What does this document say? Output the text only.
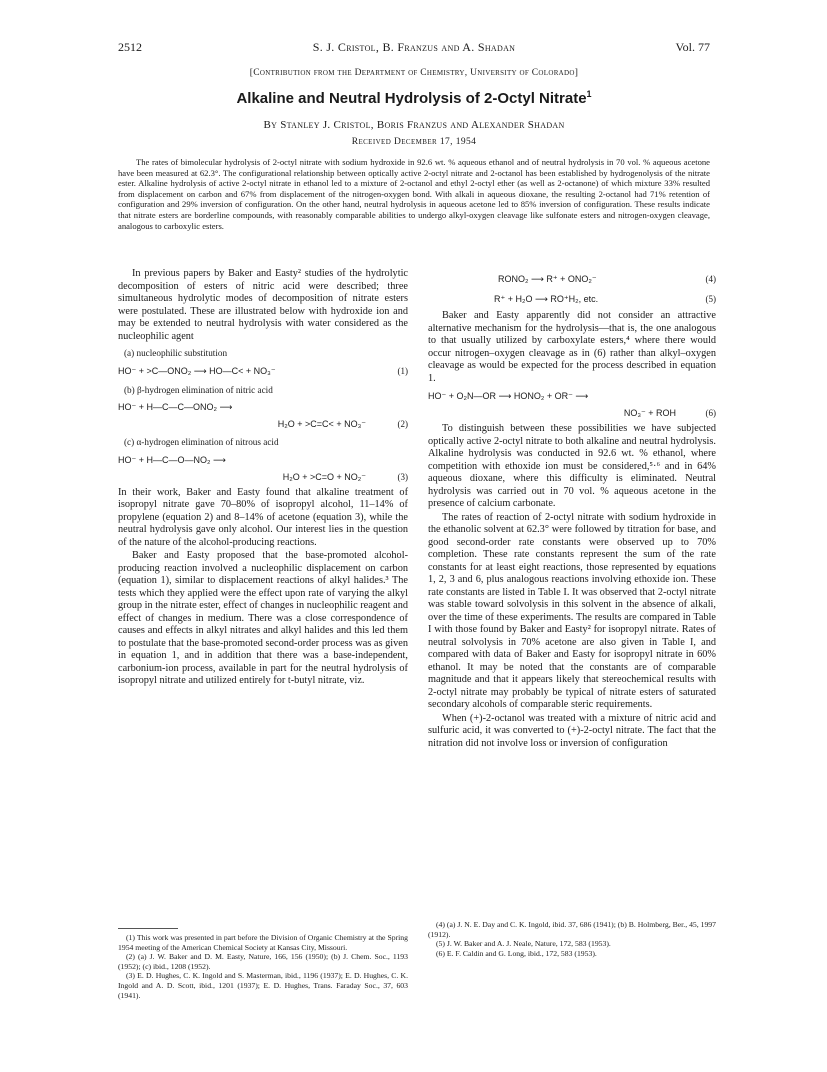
2512	S. J. Cristol, B. Franzus and A. Shadan	Vol. 77
[Contribution from the Department of Chemistry, University of Colorado]
Alkaline and Neutral Hydrolysis of 2-Octyl Nitrate$^1$
By Stanley J. Cristol, Boris Franzus and Alexander Shadan
Received December 17, 1954

The rates of bimolecular hydrolysis of 2-octyl nitrate with sodium hydroxide in 92.6 wt. % aqueous ethanol and of neutral hydrolysis in 70 vol. % aqueous acetone have been measured at 62.3°. The configurational relationship between optically active 2-octyl nitrate and 2-octanol has been established by hydrogenolysis of the nitrate ester. Alkaline hydrolysis of active 2-octyl nitrate in ethanol led to a mixture of 2-octanol and ethyl 2-octyl ether (as well as 2-octanone) of which mixture 33% resulted from displacement on carbon and 67% from displacement of the nitrogen-oxygen bond. With alkali in aqueous dioxane, the resulting 2-octanol had 71% retention of configuration and 29% inversion of configuration. On the other hand, neutral hydrolysis in aqueous acetone led to 85% inversion of configuration. These results indicate that nitrate esters are borderline compounds, with reasonably comparable abilities to undergo alkyl-oxygen cleavage like sulfonate esters and nitrogen-oxygen cleavage, analogous to carboxylic esters.

In previous papers by Baker and Easty² studies of the hydrolytic decomposition of esters of nitric acid were described; three simultaneous hydrolytic modes of decomposition of nitrate esters were postulated. These are illustrated below with hydroxide ion and may be extended to neutral hydrolysis with water considered as the nucleophilic agent

(a) nucleophilic substitution
HO⁻ + >C—ONO₂ ⟶ HO—C< + NO₃⁻	(1)
(b) β-hydrogen elimination of nitric acid
HO⁻ + H—C—C—ONO₂ ⟶
H₂O + >C=C< + NO₃⁻	(2)
(c) α-hydrogen elimination of nitrous acid
HO⁻ + H—C—O—NO₂ ⟶
H₂O + >C=O + NO₂⁻	(3)

In their work, Baker and Easty found that alkaline treatment of isopropyl nitrate gave 70–80% of isopropyl alcohol, 11–14% of propylene (equation 2) and 8–14% of acetone (equation 3), while the neutral hydrolysis gave only alcohol. Our interest lies in the question of the nature of the alcohol-producing reactions.

Baker and Easty proposed that the base-promoted alcohol-producing reaction involved a nucleophilic displacement on carbon (equation 1), similar to displacement reactions of alkyl halides.³ The tests which they applied were the effect upon rate of varying the alkyl group in the nitrate ester, effect of changes in nucleophilic reagent and effect of changes in medium. There was a close correspondence of causes and effects in alkyl nitrates and alkyl halides and this led them to postulate that the base-promoted second-order process was as given in equation 1, and in addition that there was a base-independent, carbonium-ion process, available in part for the neutral hydrolysis of isopropyl nitrate and utilized entirely for t-butyl nitrate, viz.

(1) This work was presented in part before the Division of Organic Chemistry at the Spring 1954 meeting of the American Chemical Society at Kansas City, Missouri.

(2) (a) J. W. Baker and D. M. Easty, Nature, 166, 156 (1950); (b) J. Chem. Soc., 1193 (1952); (c) ibid., 1208 (1952).

(3) E. D. Hughes, C. K. Ingold and S. Masterman, ibid., 1196 (1937); E. D. Hughes, C. K. Ingold and A. D. Scott, ibid., 1201 (1937); E. D. Hughes, Trans. Faraday Soc., 37, 603 (1941).

RONO₂ ⟶ R⁺ + ONO₂⁻	(4)
R⁺ + H₂O ⟶ RO⁺H₂, etc.	(5)

Baker and Easty apparently did not consider an attractive alternative mechanism for the hydrolysis—that is, the one analogous to that usually utilized by carboxylate esters,⁴ where there would occur nitrogen–oxygen cleavage as in (6) rather than alkyl–oxygen cleavage as would be expected for the process described in equation 1.

HO⁻ + O₂N—OR ⟶ HONO₂ + OR⁻ ⟶
NO₃⁻ + ROH	(6)

To distinguish between these possibilities we have subjected optically active 2-octyl nitrate to both alkaline and neutral hydrolysis. Alkaline hydrolysis was conducted in 92.6 wt. % ethanol, where competition with ethoxide ion must be considered,⁵·⁶ and in 64% aqueous dioxane, where this difficulty is eliminated. Neutral hydrolysis was carried out in 70 vol. % aqueous acetone in the presence of calcium carbonate.

The rates of reaction of 2-octyl nitrate with sodium hydroxide in the ethanolic solvent at 62.3° were followed by titration for base, and good second-order rate constants were observed up to 70% completion. These rate constants represent the sum of the rate constants for at least eight reactions, those represented by equations 1, 2, 3 and 6, plus analogous reactions involving ethoxide ion. These rate constants are listed in Table I. It was observed that 2-octyl nitrate was stable toward solvolysis in this solvent in the absence of alkali, over the time of these experiments. The results are compared in Table I with those found by Baker and Easty² for isopropyl nitrate. Rates of neutral solvolysis in 70% acetone are also given in Table I, and compared with data of Baker and Easty for isopropyl nitrate in 60% ethanol. It may be noted that the constants are of comparable magnitude and that it appears likely that stereochemical results with 2-octyl nitrate may probably be typical of nitrate esters of saturated secondary alcohols of comparable steric requirements.

When (+)-2-octanol was treated with a mixture of nitric acid and sulfuric acid, it was converted to (+)-2-octyl nitrate. The fact that the nitration did not involve loss or inversion of configuration

(4) (a) J. N. E. Day and C. K. Ingold, ibid. 37, 686 (1941); (b) B. Holmberg, Ber., 45, 1997 (1912).

(5) J. W. Baker and A. J. Neale, Nature, 172, 583 (1953).

(6) E. F. Caldin and G. Long, ibid., 172, 583 (1953).
